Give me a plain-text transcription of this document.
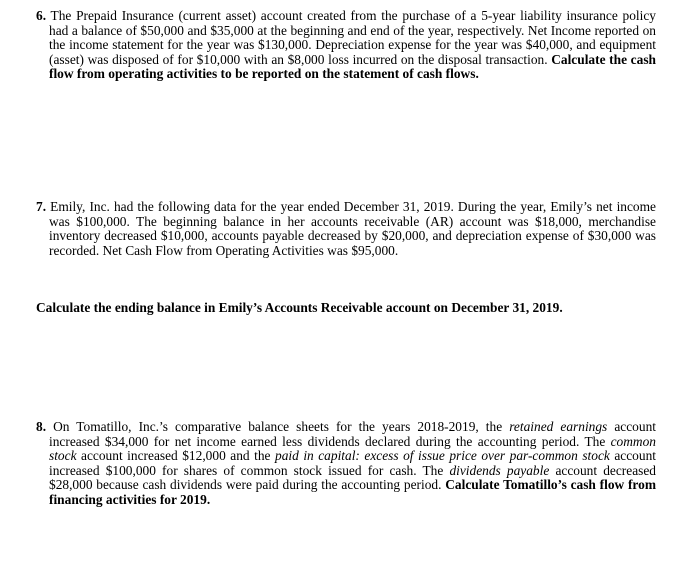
6. The Prepaid Insurance (current asset) account created from the purchase of a 5-year liability insurance policy had a balance of $50,000 and $35,000 at the beginning and end of the year, respectively. Net Income reported on the income statement for the year was $130,000. Depreciation expense for the year was $40,000, and equipment (asset) was disposed of for $10,000 with an $8,000 loss incurred on the disposal transaction. Calculate the cash flow from operating activities to be reported on the statement of cash flows.

7. Emily, Inc. had the following data for the year ended December 31, 2019. During the year, Emily’s net income was $100,000. The beginning balance in her accounts receivable (AR) account was $18,000, merchandise inventory decreased $10,000, accounts payable decreased by $20,000, and depreciation expense of $30,000 was recorded. Net Cash Flow from Operating Activities was $95,000.

Calculate the ending balance in Emily’s Accounts Receivable account on December 31, 2019.

8. On Tomatillo, Inc.’s comparative balance sheets for the years 2018-2019, the retained earnings account increased $34,000 for net income earned less dividends declared during the accounting period. The common stock account increased $12,000 and the paid in capital: excess of issue price over par-common stock account increased $100,000 for shares of common stock issued for cash. The dividends payable account decreased $28,000 because cash dividends were paid during the accounting period. Calculate Tomatillo’s cash flow from financing activities for 2019.
